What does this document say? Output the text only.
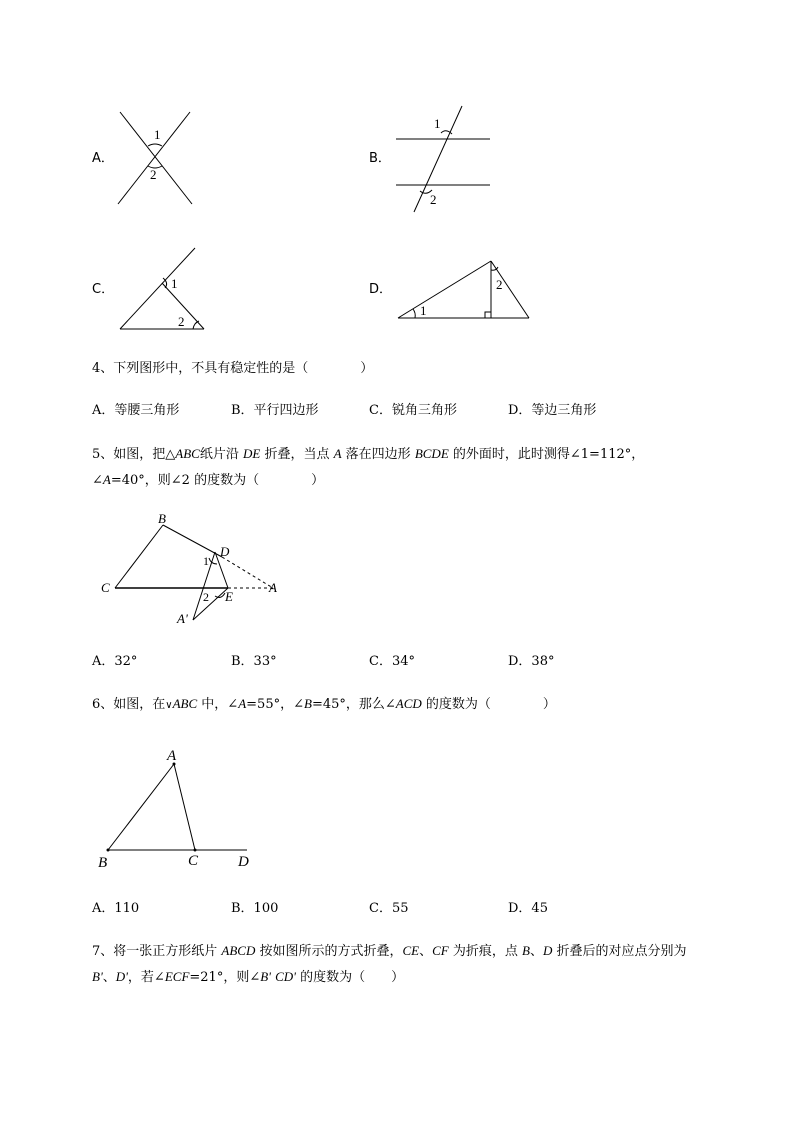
A．
1
2
B．
1
2
C．	1
2
D．
1
2
4、下列图形中，不具有稳定性的是（　　　　）
A．等腰三角形	B．平行四边形	C．锐角三角形	D．等边三角形
5、如图，把△ABC纸片沿 DE 折叠，当点 A 落在四边形 BCDE 的外面时，此时测得∠1=112°，
∠A=40°，则∠2 的度数为（　　　　）
B
C
D
A
E
A'
1
2
A．32°	B．33°	C．34°	D．38°
6、如图，在∨ABC 中，∠A=55°，∠B=45°，那么∠ACD 的度数为（　　　　）
A
B	C	D
A．110	B．100	C．55	D．45
7、将一张正方形纸片 ABCD 按如图所示的方式折叠，CE、CF 为折痕，点 B、D 折叠后的对应点分别为
B'、D'，若∠ECF=21°，则∠B' CD' 的度数为（　　）
